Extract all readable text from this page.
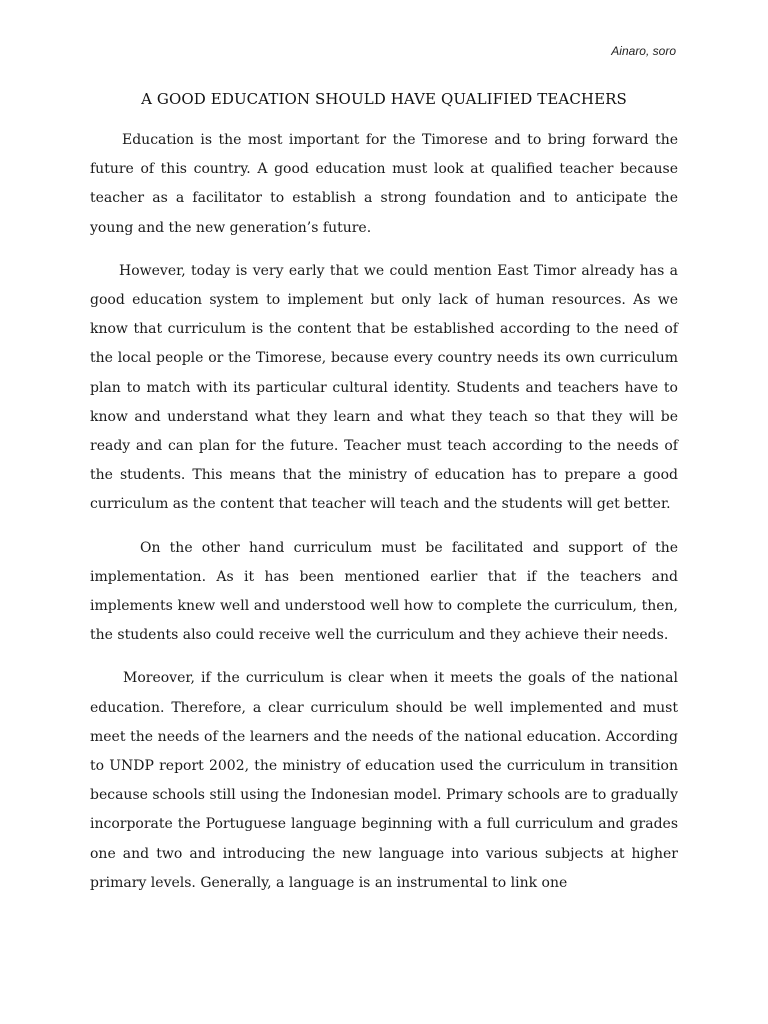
Ainaro, soro
A GOOD EDUCATION SHOULD HAVE QUALIFIED TEACHERS

Education is the most important for the Timorese and to bring forward the future of this country. A good education must look at qualified teacher because teacher as a facilitator to establish a strong foundation and to anticipate the young and the new generation’s future.

However, today is very early that we could mention East Timor already has a good education system to implement but only lack of human resources. As we know that curriculum is the content that be established according to the need of the local people or the Timorese, because every country needs its own curriculum plan to match with its particular cultural identity. Students and teachers have to know and understand what they learn and what they teach so that they will be ready and can plan for the future. Teacher must teach according to the needs of the students. This means that the ministry of education has to prepare a good curriculum as the content that teacher will teach and the students will get better.

On the other hand curriculum must be facilitated and support of the implementation. As it has been mentioned earlier that if the teachers and implements knew well and understood well how to complete the curriculum, then, the students also could receive well the curriculum and they achieve their needs.

Moreover, if the curriculum is clear when it meets the goals of the national education. Therefore, a clear curriculum should be well implemented and must meet the needs of the learners and the needs of the national education. According to UNDP report 2002, the ministry of education used the curriculum in transition because schools still using the Indonesian model. Primary schools are to gradually incorporate the Portuguese language beginning with a full curriculum and grades one and two and introducing the new language into various subjects at higher primary levels. Generally, a language is an instrumental to link one
